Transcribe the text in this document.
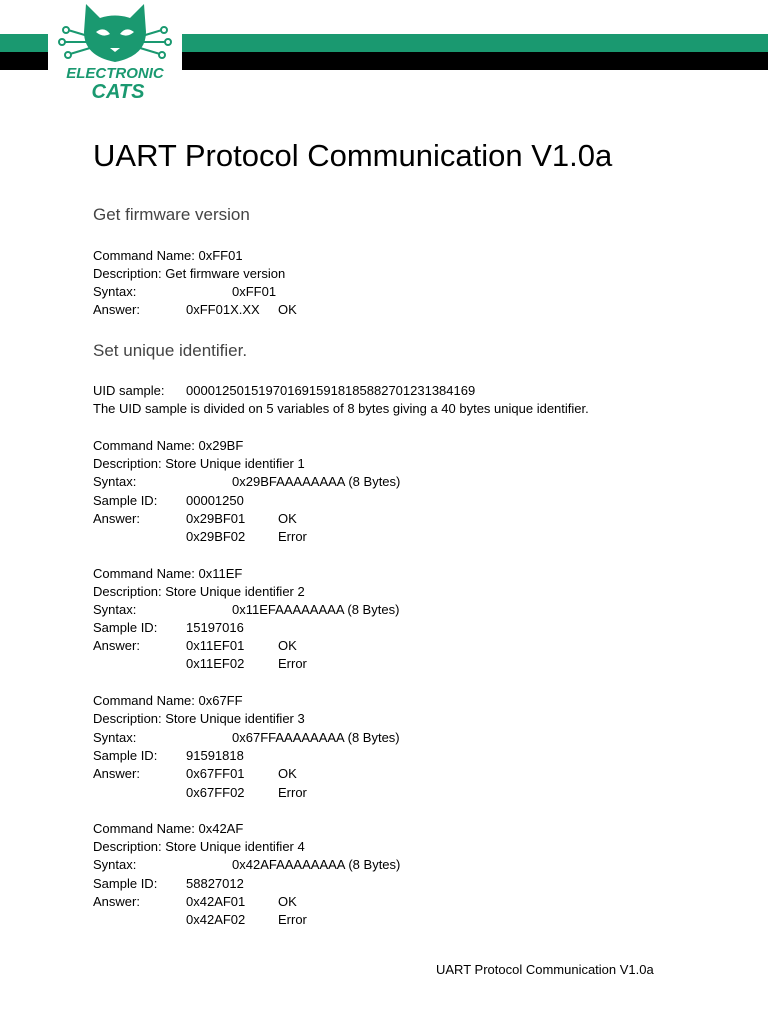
ELECTRONIC
CATS
UART Protocol Communication V1.0a
Get firmware version
Command Name: 0xFF01
Description: Get firmware version
Syntax:	0xFF01
Answer:	0xFF01X.XX OK
Set unique identifier.
UID sample: 0000125015197016915918185882701231384169
The UID sample is divided on 5 variables of 8 bytes giving a 40 bytes unique identifier.
Command Name: 0x29BF
Description: Store Unique identifier 1
Syntax:	0x29BFAAAAAAAA (8 Bytes)
Sample ID: 00001250
Answer:	0x29BF01	OK
0x29BF02	Error
Command Name: 0x11EF
Description: Store Unique identifier 2
Syntax:	0x11EFAAAAAAAA (8 Bytes)
Sample ID: 15197016
Answer:	0x11EF01	OK
0x11EF02	Error
Command Name: 0x67FF
Description: Store Unique identifier 3
Syntax:	0x67FFAAAAAAAA (8 Bytes)
Sample ID: 91591818
Answer:	0x67FF01	OK
0x67FF02	Error
Command Name: 0x42AF
Description: Store Unique identifier 4
Syntax:	0x42AFAAAAAAAA (8 Bytes)
Sample ID: 58827012
Answer:	0x42AF01	OK
0x42AF02	Error
UART Protocol Communication V1.0a
